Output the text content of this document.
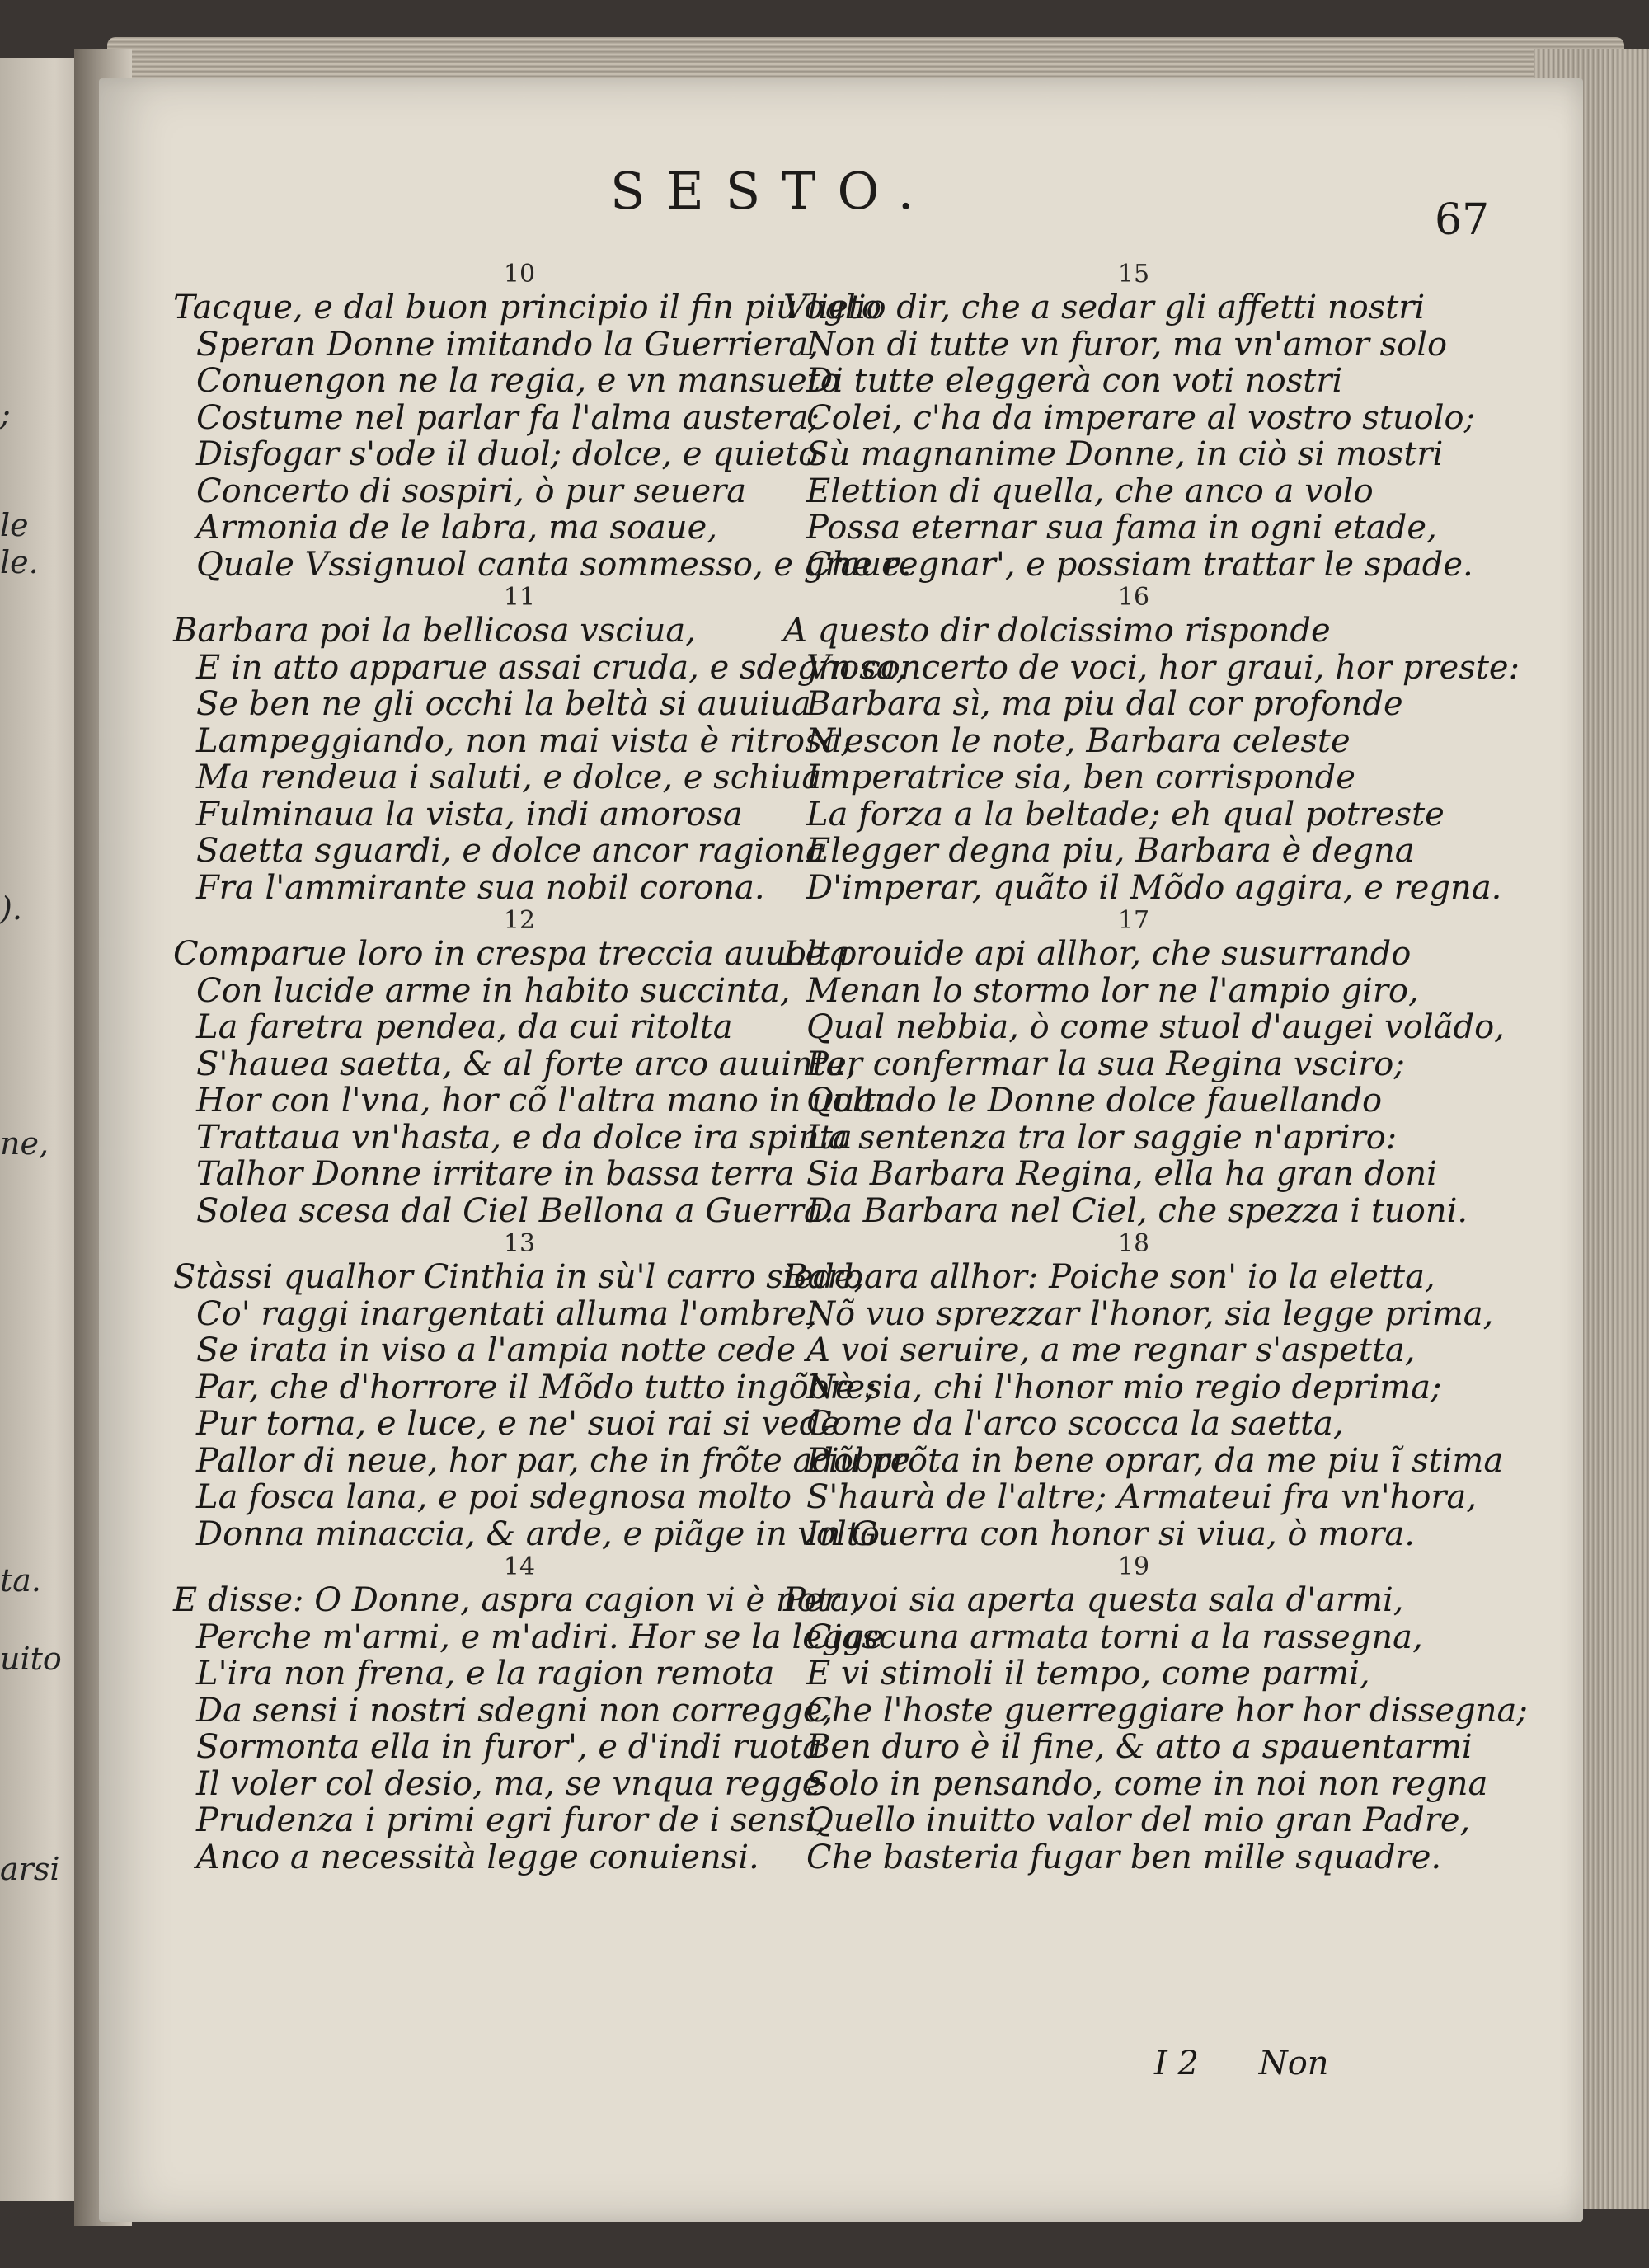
;
le
le.
).
ne,
ta.
uito
arsi
SESTO.	67
10
Tacque, e dal buon principio il fin piu lieto
Speran Donne imitando la Guerriera,
Conuengon ne la regia, e vn mansueto
Costume nel parlar fa l'alma austera;
Disfogar s'ode il duol; dolce, e quieto
Concerto di sospiri, ò pur seuera
Armonia de le labra, ma soaue,
Quale Vssignuol canta sommesso, e graue.
11
Barbara poi la bellicosa vsciua,
E in atto apparue assai cruda, e sdegnosa,
Se ben ne gli occhi la beltà si auuiua
Lampeggiando, non mai vista è ritrosa;
Ma rendeua i saluti, e dolce, e schiua
Fulminaua la vista, indi amorosa
Saetta sguardi, e dolce ancor ragiona
Fra l'ammirante sua nobil corona.
12
Comparue loro in crespa treccia auuolta
Con lucide arme in habito succinta,
La faretra pendea, da cui ritolta
S'hauea saetta, & al forte arco auuinta,
Hor con l'vna, hor cõ l'altra mano in uolta
Trattaua vn'hasta, e da dolce ira spinta
Talhor Donne irritare in bassa terra
Solea scesa dal Ciel Bellona a Guerra.
13
Stàssi qualhor Cinthia in sù'l carro siede,
Co' raggi inargentati alluma l'ombre,
Se irata in viso a l'ampia notte cede
Par, che d'horrore il Mõdo tutto ingõbre;
Pur torna, e luce, e ne' suoi rai si vede
Pallor di neue, hor par, che in frõte adõbre
La fosca lana, e poi sdegnosa molto
Donna minaccia, & arde, e piãge in volto.
14
E disse: O Donne, aspra cagion vi è nota,
Perche m'armi, e m'adiri. Hor se la legge
L'ira non frena, e la ragion remota
Da sensi i nostri sdegni non corregge,
Sormonta ella in furor', e d'indi ruota
Il voler col desio, ma, se vnqua regge
Prudenza i primi egri furor de i sensi,
Anco a necessità legge conuiensi.
15
Voglio dir, che a sedar gli affetti nostri
Non di tutte vn furor, ma vn'amor solo
Di tutte eleggerà con voti nostri
Colei, c'ha da imperare al vostro stuolo;
Sù magnanime Donne, in ciò si mostri
Elettion di quella, che anco a volo
Possa eternar sua fama in ogni etade,
Che regnar', e possiam trattar le spade.
16
A questo dir dolcissimo risponde
Vn concerto de voci, hor graui, hor preste:
Barbara sì, ma piu dal cor profonde
N'escon le note, Barbara celeste
Imperatrice sia, ben corrisponde
La forza a la beltade; eh qual potreste
Elegger degna piu, Barbara è degna
D'imperar, quãto il Mõdo aggira, e regna.
17
Le prouide api allhor, che susurrando
Menan lo stormo lor ne l'ampio giro,
Qual nebbia, ò come stuol d'augei volãdo,
Per confermar la sua Regina vsciro;
Quando le Donne dolce fauellando
La sentenza tra lor saggie n'apriro:
Sia Barbara Regina, ella ha gran doni
Da Barbara nel Ciel, che spezza i tuoni.
18
Barbara allhor: Poiche son' io la eletta,
Nõ vuo sprezzar l'honor, sia legge prima,
A voi seruire, a me regnar s'aspetta,
Nè sia, chi l'honor mio regio deprima;
Come da l'arco scocca la saetta,
Piu prõta in bene oprar, da me piu ĩ stima
S'haurà de l'altre; Armateui fra vn'hora,
In Guerra con honor si viua, ò mora.
19
Per voi sia aperta questa sala d'armi,
Ciascuna armata torni a la rassegna,
E vi stimoli il tempo, come parmi,
Che l'hoste guerreggiare hor hor dissegna;
Ben duro è il fine, & atto a spauentarmi
Solo in pensando, come in noi non regna
Quello inuitto valor del mio gran Padre,
Che basteria fugar ben mille squadre.
I 2 Non
